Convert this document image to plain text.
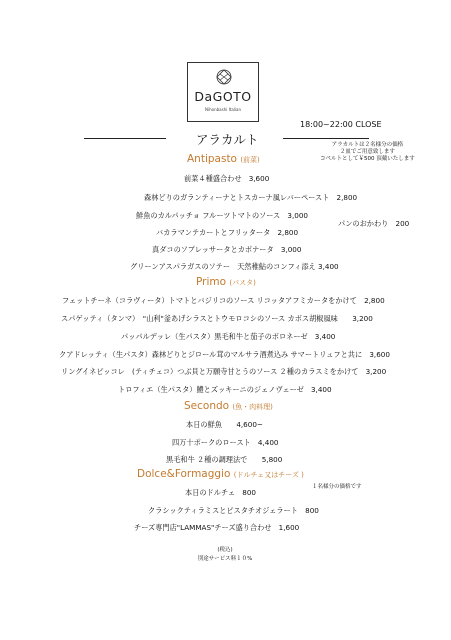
DaGOTO
Nihonbashi Italian
アラカルト
18:00~22:00 CLOSE
アラカルトは２名様分の価格
２皿でご用意致します
コペルトとして￥500 頂戴いたします
Antipasto (前菜)
前菜４種盛合わせ　3,600
森林どりのガランティーナとトスカーナ風レバーペースト　2,800
鮮魚のカルパッチョ フルーツトマトのソース　3,000
バカラマンテカートとフリッタータ　2,800
真ダコのソプレッサータとカポナータ　3,000
グリーンアスパラガスのソテー　天然稚鮎のコンフィ添え 3,400
パンのおかわり　200
Primo (パスタ)
フェットチーネ（コラヴィータ）トマトとバジリコのソース リコッタアフミカータをかけて　2,800
スパゲッティ（タンマ）　"山利"釜あげシラスとトウモロコシのソース カボス胡椒風味　　3,200
パッパルデッレ（生パスタ）黒毛和牛と茄子のボロネーゼ　3,400
クアドレッティ（生パスタ）森林どりとジロール茸のマルサラ酒煮込み サマートリュフと共に　3,600
リングイネピッコレ　(ティチェコ）つぶ貝と万願寺甘とうのソース ２種のカラスミをかけて　3,200
トロフィエ（生パスタ）鱧とズッキーニのジェノヴェーゼ　3,400
Secondo (魚・肉料理)
本日の鮮魚　　4,600~
四万十ポークのロースト　4,400
黒毛和牛 ２種の調理法で　　5,800
Dolce&Formaggio (ドルチェ又はチーズ )
１名様分の価格です
本日のドルチェ　800
クラシックティラミスとピスタチオジェラート　800
チーズ専門店"LAMMAS"チーズ盛り合わせ　1,600
(税込)
別途サービス料１０%
